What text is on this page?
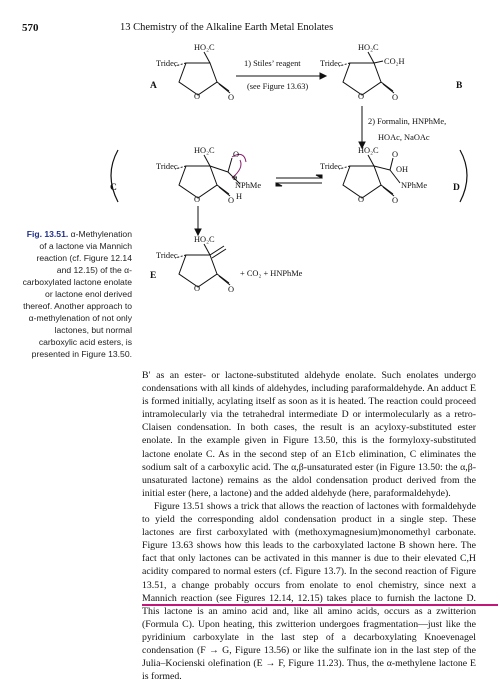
570	13 Chemistry of the Alkaline Earth Metal Enolates
A
Tridec
HO₂C
O	O
1) Stiles’ reagent
(see Figure 13.63)	B
Tridec
HO₂C
CO₂H
O	O
2) Formalin, HNPhMe,
HOAc, NaOAc
C
Tridec
HO₂C
O	O
O
NPhMe
H
⊕
D
Tridec
HO₂C
O	O
O
OH
NPhMe
E
Tridec
HO₂C
O	O
+ CO₂ + HNPhMe
Fig. 13.51. α-Methylenation of a lactone via Mannich reaction (cf. Figure 12.14 and 12.15) of the α-carboxylated lactone enolate or lactone enol derived thereof. Another approach to α-methylenation of not only lactones, but normal carboxylic acid esters, is presented in Figure 13.50.

B′ as an ester- or lactone-substituted aldehyde enolate. Such enolates undergo condensations with all kinds of aldehydes, including paraformaldehyde. An adduct E is formed initially, acylating itself as soon as it is heated. The reaction could proceed intramolecularly via the tetrahedral intermediate D or intermolecularly as a retro-Claisen condensation. In both cases, the result is an acyloxy-substituted ester enolate. In the example given in Figure 13.50, this is the formyloxy-substituted lactone enolate C. As in the second step of an E1cb elimination, C eliminates the sodium salt of a carboxylic acid. The α,β-unsaturated ester (in Figure 13.50: the α,β-unsaturated lactone) remains as the aldol condensation product derived from the initial ester (here, a lactone) and the added aldehyde (here, paraformaldehyde).

Figure 13.51 shows a trick that allows the reaction of lactones with formaldehyde to yield the corresponding aldol condensation product in a single step. These lactones are first carboxylated with (methoxymagnesium)monomethyl carbonate. Figure 13.63 shows how this leads to the carboxylated lactone B shown here. The fact that only lactones can be activated in this manner is due to their elevated C,H acidity compared to normal esters (cf. Figure 13.7). In the second reaction of Figure 13.51, a change probably occurs from enolate to enol chemistry, since next a Mannich reaction (see Figures 12.14, 12.15) takes place to furnish the lactone D. This lactone is an amino acid and, like all amino acids, occurs as a zwitterion (Formula C). Upon heating, this zwitterion undergoes fragmentation—just like the pyridinium carboxylate in the last step of a decarboxylating Knoevenagel condensation (F → G, Figure 13.56) or like the sulfinate ion in the last step of the Julia–Kocienski olefination (E → F, Figure 11.23). Thus, the α-methylene lactone E is formed.
